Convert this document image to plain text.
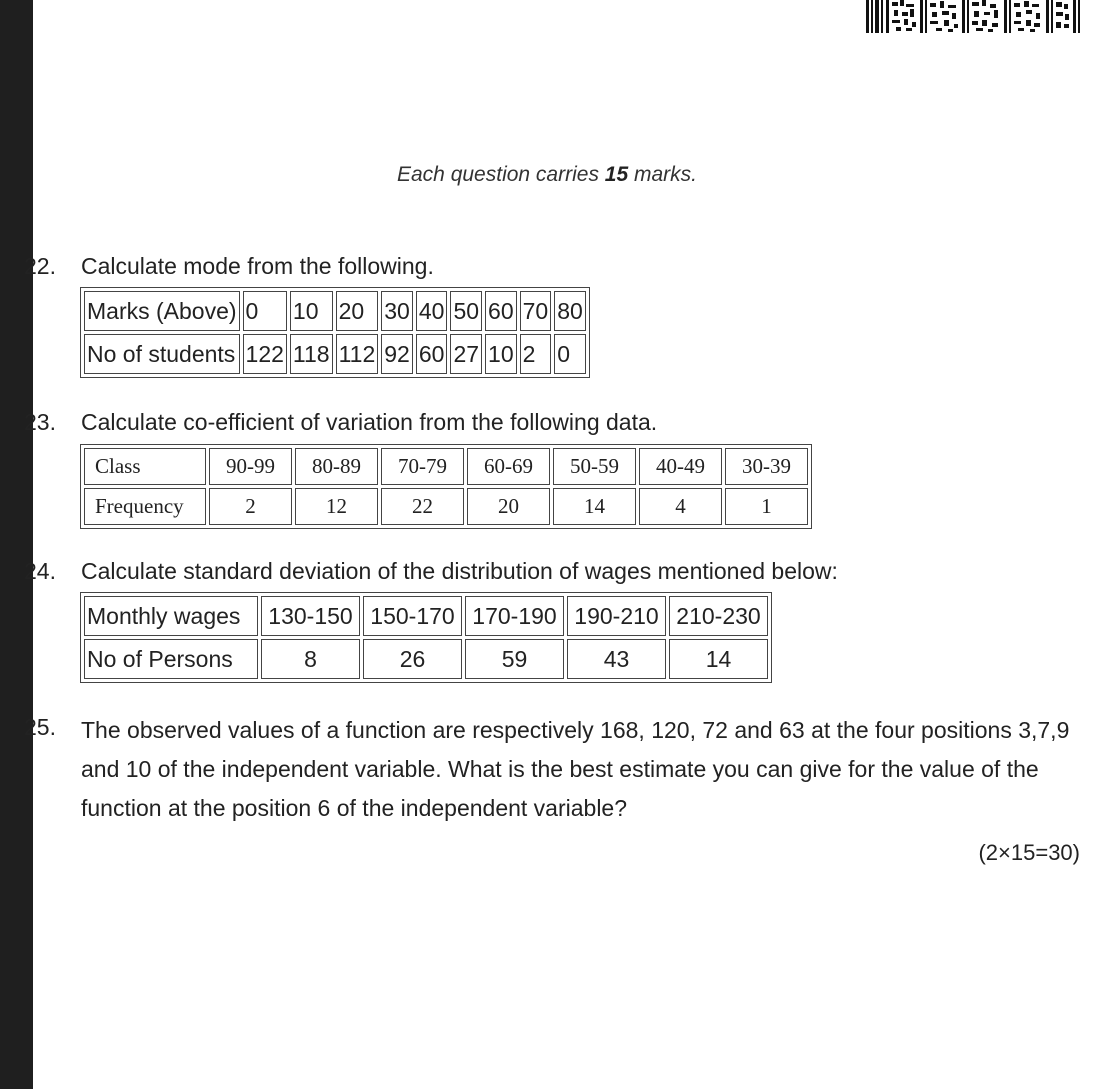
Each question carries 15 marks.
22.	Calculate mode from the following.
Marks (Above)	0	10	20	30	40	50	60	70	80
No of students	122	118	112	92	60	27	10	2	0
23.	Calculate co-efficient of variation from the following data.
Class	90-99	80-89	70-79	60-69	50-59	40-49	30-39
Frequency	2	12	22	20	14	4	1
24.	Calculate standard deviation of the distribution of wages mentioned below:
Monthly wages	130-150	150-170	170-190	190-210	210-230
No of Persons	8	26	59	43	14
25.	The observed values of a function are respectively 168, 120, 72 and 63 at the four positions 3,7,9 and 10 of the independent variable. What is the best estimate you can give for the value of the function at the position 6 of the independent variable?
(2×15=30)
